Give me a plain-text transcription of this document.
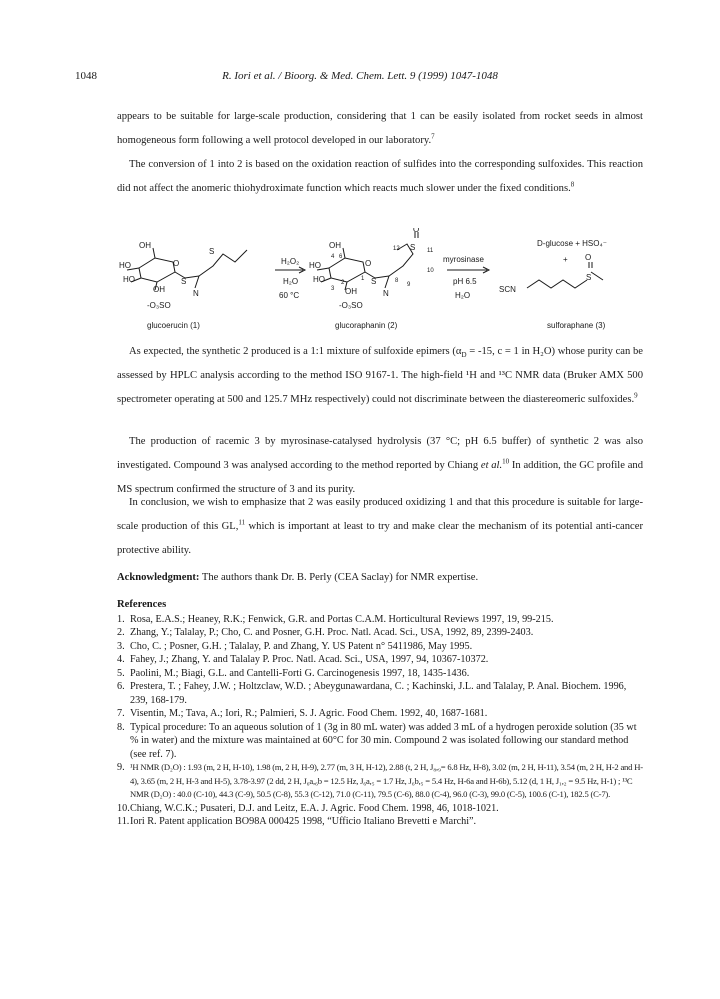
1048	R. Iori et al. / Bioorg. & Med. Chem. Lett. 9 (1999) 1047-1048

appears to be suitable for large-scale production, considering that 1 can be easily isolated from rocket seeds in almost homogeneous form following a well protocol developed in our laboratory.$^7$

The conversion of 1 into 2 is based on the oxidation reaction of sulfides into the corresponding sulfoxides. This reaction did not affect the anomeric thiohydroximate function which reacts much slower under the fixed conditions.$^8$

OH
HO
HO
OH
O
S
S
N
-O₃SO
OH
HO
HO
OH
O
S
O
S
N
-O₃SO
4 6
1
2
3
8
9
10
11
12
H₂O₂
H₂O
60 °C
myrosinase
pH 6.5
H₂O
D-glucose + HSO₄⁻
+ O
S
SCN
glucoerucin (1)	glucoraphanin (2)	sulforaphane (3)

As expected, the synthetic 2 produced is a 1:1 mixture of sulfoxide epimers ($\alpha_D = -15$, c = 1 in H₂O) whose purity can be assessed by HPLC analysis according to the method ISO 9167-1. The high-field ¹H and ¹³C NMR data (Bruker AMX 500 spectrometer operating at 500 and 125.7 MHz respectively) could not discriminate between the diastereomeric sulfoxides.$^9$

The production of racemic 3 by myrosinase-catalysed hydrolysis (37 °C; pH 6.5 buffer) of synthetic 2 was also investigated. Compound 3 was analysed according to the method reported by Chiang et al.$^{10}$ In addition, the GC profile and MS spectrum confirmed the structure of 3 and its purity.

In conclusion, we wish to emphasize that 2 was easily produced oxidizing 1 and that this procedure is suitable for large-scale production of this GL,$^{11}$ which is important at least to try and make clear the mechanism of its potential anti-cancer protective ability.

Acknowledgment: The authors thank Dr. B. Perly (CEA Saclay) for NMR expertise.
References
1. Rosa, E.A.S.; Heaney, R.K.; Fenwick, G.R. and Portas C.A.M. Horticultural Reviews 1997, 19, 99-215.
2. Zhang, Y.; Talalay, P.; Cho, C. and Posner, G.H. Proc. Natl. Acad. Sci., USA, 1992, 89, 2399-2403.
3. Cho, C. ; Posner, G.H. ; Talalay, P. and Zhang, Y. US Patent n° 5411986, May 1995.
4. Fahey, J.; Zhang, Y. and Talalay P. Proc. Natl. Acad. Sci., USA, 1997, 94, 10367-10372.
5. Paolini, M.; Biagi, G.L. and Cantelli-Forti G. Carcinogenesis 1997, 18, 1435-1436.
6. Prestera, T. ; Fahey, J.W. ; Holtzclaw, W.D. ; Abeygunawardana, C. ; Kachinski, J.L. and Talalay, P. Anal. Biochem. 1996, 239, 168-179.
7. Visentin, M.; Tava, A.; Iori, R.; Palmieri, S. J. Agric. Food Chem. 1992, 40, 1687-1681.
8. Typical procedure: To an aqueous solution of 1 (3g in 80 mL water) was added 3 mL of a hydrogen peroxide solution (35 wt % in water) and the mixture was maintained at 60°C for 30 min. Compound 2 was isolated following our standard method (see ref. 7).
9. ¹H NMR (D₂O) : 1.93 (m, 2 H, H-10), 1.98 (m, 2 H, H-9), 2.77 (m, 3 H, H-12), 2.88 (t, 2 H, J₈,₉= 6.8 Hz, H-8), 3.02 (m, 2 H, H-11), 3.54 (m, 2 H, H-2 and H-4), 3.65 (m, 2 H, H-3 and H-5), 3.78-3.97 (2 dd, 2 H, J₆a,₆b = 12.5 Hz, J₆a,₅ = 1.7 Hz, J₆b,₅ = 5.4 Hz, H-6a and H-6b), 5.12 (d, 1 H, J₁,₂ = 9.5 Hz, H-1) ; ¹³C NMR (D₂O) : 40.0 (C-10), 44.3 (C-9), 50.5 (C-8), 55.3 (C-12), 71.0 (C-11), 79.5 (C-6), 88.0 (C-4), 96.0 (C-3), 99.0 (C-5), 100.6 (C-1), 182.5 (C-7).
10. Chiang, W.C.K.; Pusateri, D.J. and Leitz, E.A. J. Agric. Food Chem. 1998, 46, 1018-1021.
11. Iori R. Patent application BO98A 000425 1998, “Ufficio Italiano Brevetti e Marchi”.
